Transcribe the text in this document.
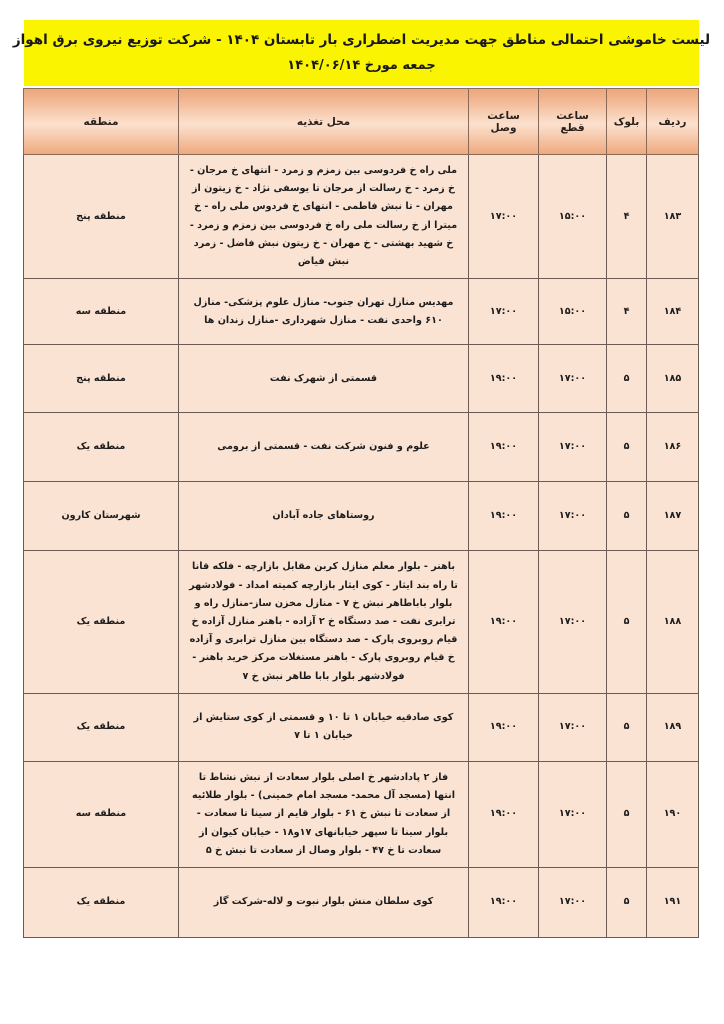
لیست خاموشی احتمالی مناطق جهت مدیریت اضطراری بار تابستان ۱۴۰۴ - شرکت توزیع نیروی برق اهواز
جمعه مورخ ۱۴۰۴/۰۶/۱۴
ردیف	بلوک	ساعت قطع	ساعت وصل	محل تغذیه	منطقه
۱۸۳	۴	۱۵:۰۰	۱۷:۰۰	ملی راه خ فردوسی بین زمزم و زمرد - انتهای خ مرجان - خ زمرد - خ رسالت از مرجان تا یوسفی نژاد - خ زیتون از مهران - تا نبش فاطمی - انتهای خ فردوس ملی راه - خ میترا از خ رسالت ملی راه خ فردوسی بین زمزم و زمرد - خ شهید بهشتی - خ مهران - خ زیتون نبش فاضل - زمرد نبش فیاض	منطقه پنج
۱۸۴	۴	۱۵:۰۰	۱۷:۰۰	مهدیس منازل تهران جنوب- منازل علوم پزشکی- منازل ۶۱۰ واحدی نفت - منازل شهرداری -منازل زندان ها	منطقه سه
۱۸۵	۵	۱۷:۰۰	۱۹:۰۰	قسمتی از شهرک نفت	منطقه پنج
۱۸۶	۵	۱۷:۰۰	۱۹:۰۰	علوم و فنون شرکت نفت - قسمتی از برومی	منطقه یک
۱۸۷	۵	۱۷:۰۰	۱۹:۰۰	روستاهای جاده آبادان	شهرستان کارون
۱۸۸	۵	۱۷:۰۰	۱۹:۰۰	باهنر - بلوار معلم منازل کربن مقابل بازارچه - فلکه قانا تا راه بند ایثار - کوی ایثار بازارچه کمیته امداد - فولادشهر بلوار باباطاهر نبش خ ۷ - منازل مخزن ساز-منازل راه و ترابری نفت - صد دستگاه خ ۲ آزاده - باهنر منازل آزاده خ قیام روبروی پارک - صد دستگاه بین منازل ترابری و آزاده خ قیام روبروی پارک - باهنر مستغلات مرکز خرید باهنر - فولادشهر بلوار بابا طاهر نبش خ ۷	منطقه یک
۱۸۹	۵	۱۷:۰۰	۱۹:۰۰	کوی صادقیه خیابان ۱ تا ۱۰ و قسمتی از کوی ستایش از خیابان ۱ تا ۷	منطقه یک
۱۹۰	۵	۱۷:۰۰	۱۹:۰۰	فاز ۲ پادادشهر خ اصلی بلوار سعادت از نبش نشاط تا انتها (مسجد آل محمد- مسجد امام خمینی) - بلوار طلائیه از سعادت تا نبش خ ۶۱ - بلوار قایم از سینا تا سعادت - بلوار سینا تا سپهر خیابانهای ۱۷و۱۸ - خیابان کیوان از سعادت تا خ ۴۷ - بلوار وصال از سعادت تا نبش خ ۵	منطقه سه
۱۹۱	۵	۱۷:۰۰	۱۹:۰۰	کوی سلطان منش بلوار نبوت و لاله-شرکت گاز	منطقه یک
